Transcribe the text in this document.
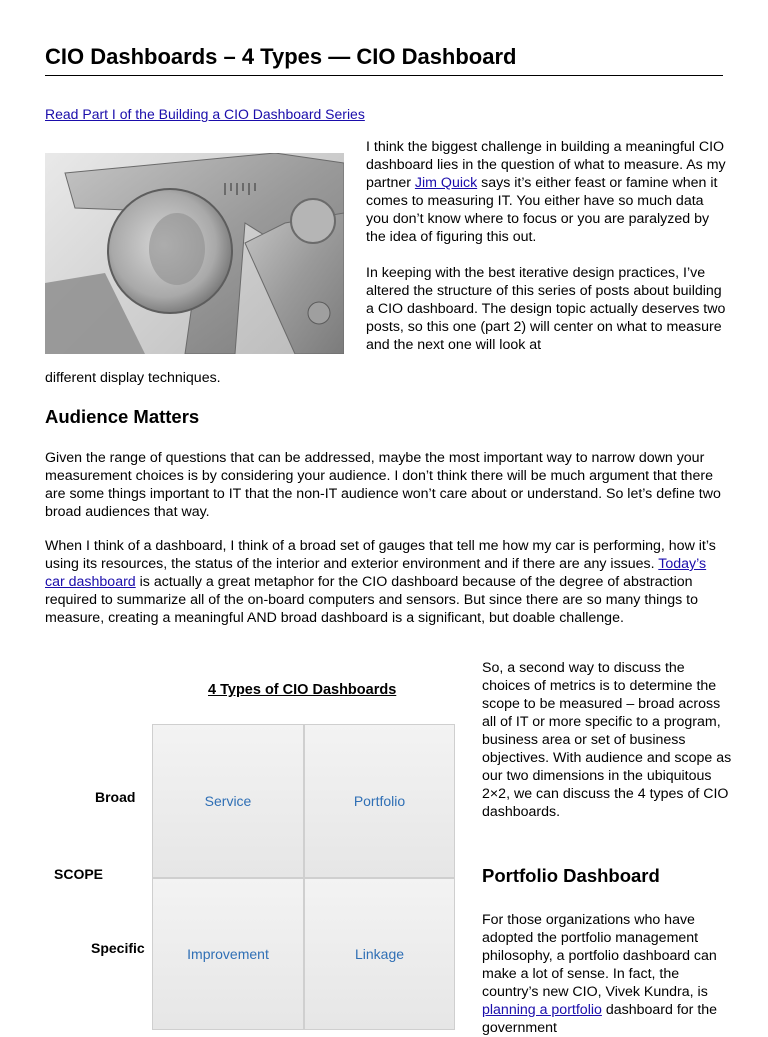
CIO Dashboards – 4 Types — CIO Dashboard
Read Part I of the Building a CIO Dashboard Series

I think the biggest challenge in building a meaningful CIO dashboard lies in the question of what to measure. As my partner Jim Quick says it’s either feast or famine when it comes to measuring IT. You either have so much data you don’t know where to focus or you are paralyzed by the idea of figuring this out.

In keeping with the best iterative design practices, I’ve altered the structure of this series of posts about building a CIO dashboard. The design topic actually deserves two posts, so this one (part 2) will center on what to measure and the next one will look at

different display techniques.

Audience Matters

Given the range of questions that can be addressed, maybe the most important way to narrow down your measurement choices is by considering your audience. I don’t think there will be much argument that there are some things important to IT that the non-IT audience won’t care about or understand. So let’s define two broad audiences that way.

When I think of a dashboard, I think of a broad set of gauges that tell me how my car is performing, how it’s using its resources, the status of the interior and exterior environment and if there are any issues. Today’s car dashboard is actually a great metaphor for the CIO dashboard because of the degree of abstraction required to summarize all of the on-board computers and sensors. But since there are so many things to measure, creating a meaningful AND broad dashboard is a significant, but doable challenge.

4 Types of CIO Dashboards
Broad
SCOPE
Specific
Service	Portfolio
Improvement	Linkage

So, a second way to discuss the choices of metrics is to determine the scope to be measured – broad across all of IT or more specific to a program, business area or set of business objectives. With audience and scope as our two dimensions in the ubiquitous 2×2, we can discuss the 4 types of CIO dashboards.

Portfolio Dashboard

For those organizations who have adopted the portfolio management philosophy, a portfolio dashboard can make a lot of sense. In fact, the country’s new CIO, Vivek Kundra, is planning a portfolio dashboard for the government
